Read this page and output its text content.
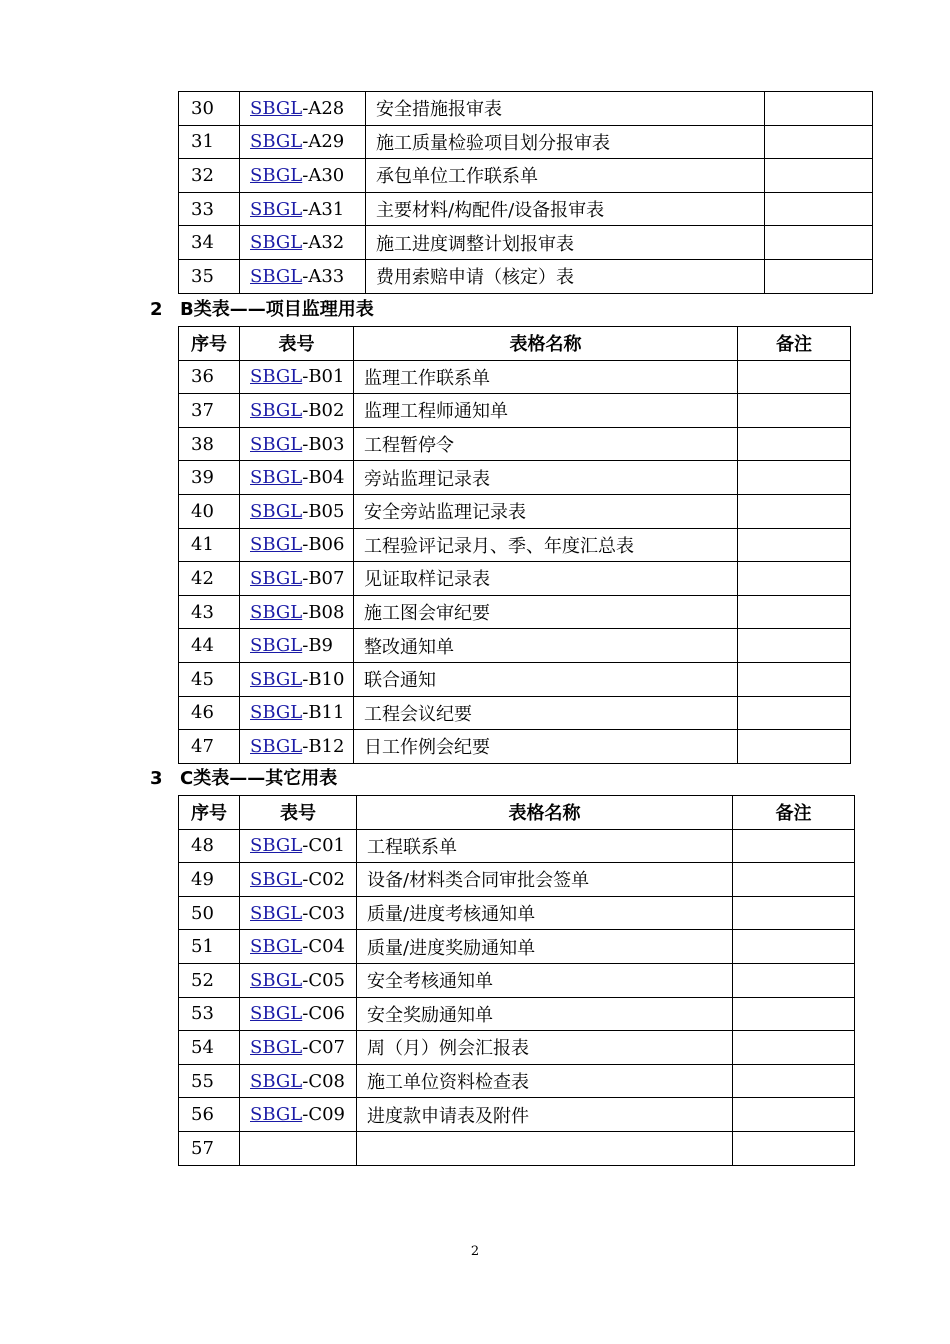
30	SBGL-A28	安全措施报审表	
31	SBGL-A29	施工质量检验项目划分报审表	
32	SBGL-A30	承包单位工作联系单	
33	SBGL-A31	主要材料/构配件/设备报审表	
34	SBGL-A32	施工进度调整计划报审表	
35	SBGL-A33	费用索赔申请（核定）表	
2 B类表——项目监理用表
序号	表号	表格名称	备注
36	SBGL-B01	监理工作联系单	
37	SBGL-B02	监理工程师通知单	
38	SBGL-B03	工程暂停令	
39	SBGL-B04	旁站监理记录表	
40	SBGL-B05	安全旁站监理记录表	
41	SBGL-B06	工程验评记录月、季、年度汇总表	
42	SBGL-B07	见证取样记录表	
43	SBGL-B08	施工图会审纪要	
44	SBGL-B9	整改通知单	
45	SBGL-B10	联合通知	
46	SBGL-B11	工程会议纪要	
47	SBGL-B12	日工作例会纪要	
3 C类表——其它用表
序号	表号	表格名称	备注
48	SBGL-C01	工程联系单	
49	SBGL-C02	设备/材料类合同审批会签单	
50	SBGL-C03	质量/进度考核通知单	
51	SBGL-C04	质量/进度奖励通知单	
52	SBGL-C05	安全考核通知单	
53	SBGL-C06	安全奖励通知单	
54	SBGL-C07	周（月）例会汇报表	
55	SBGL-C08	施工单位资料检查表	
56	SBGL-C09	进度款申请表及附件	
57			
2
